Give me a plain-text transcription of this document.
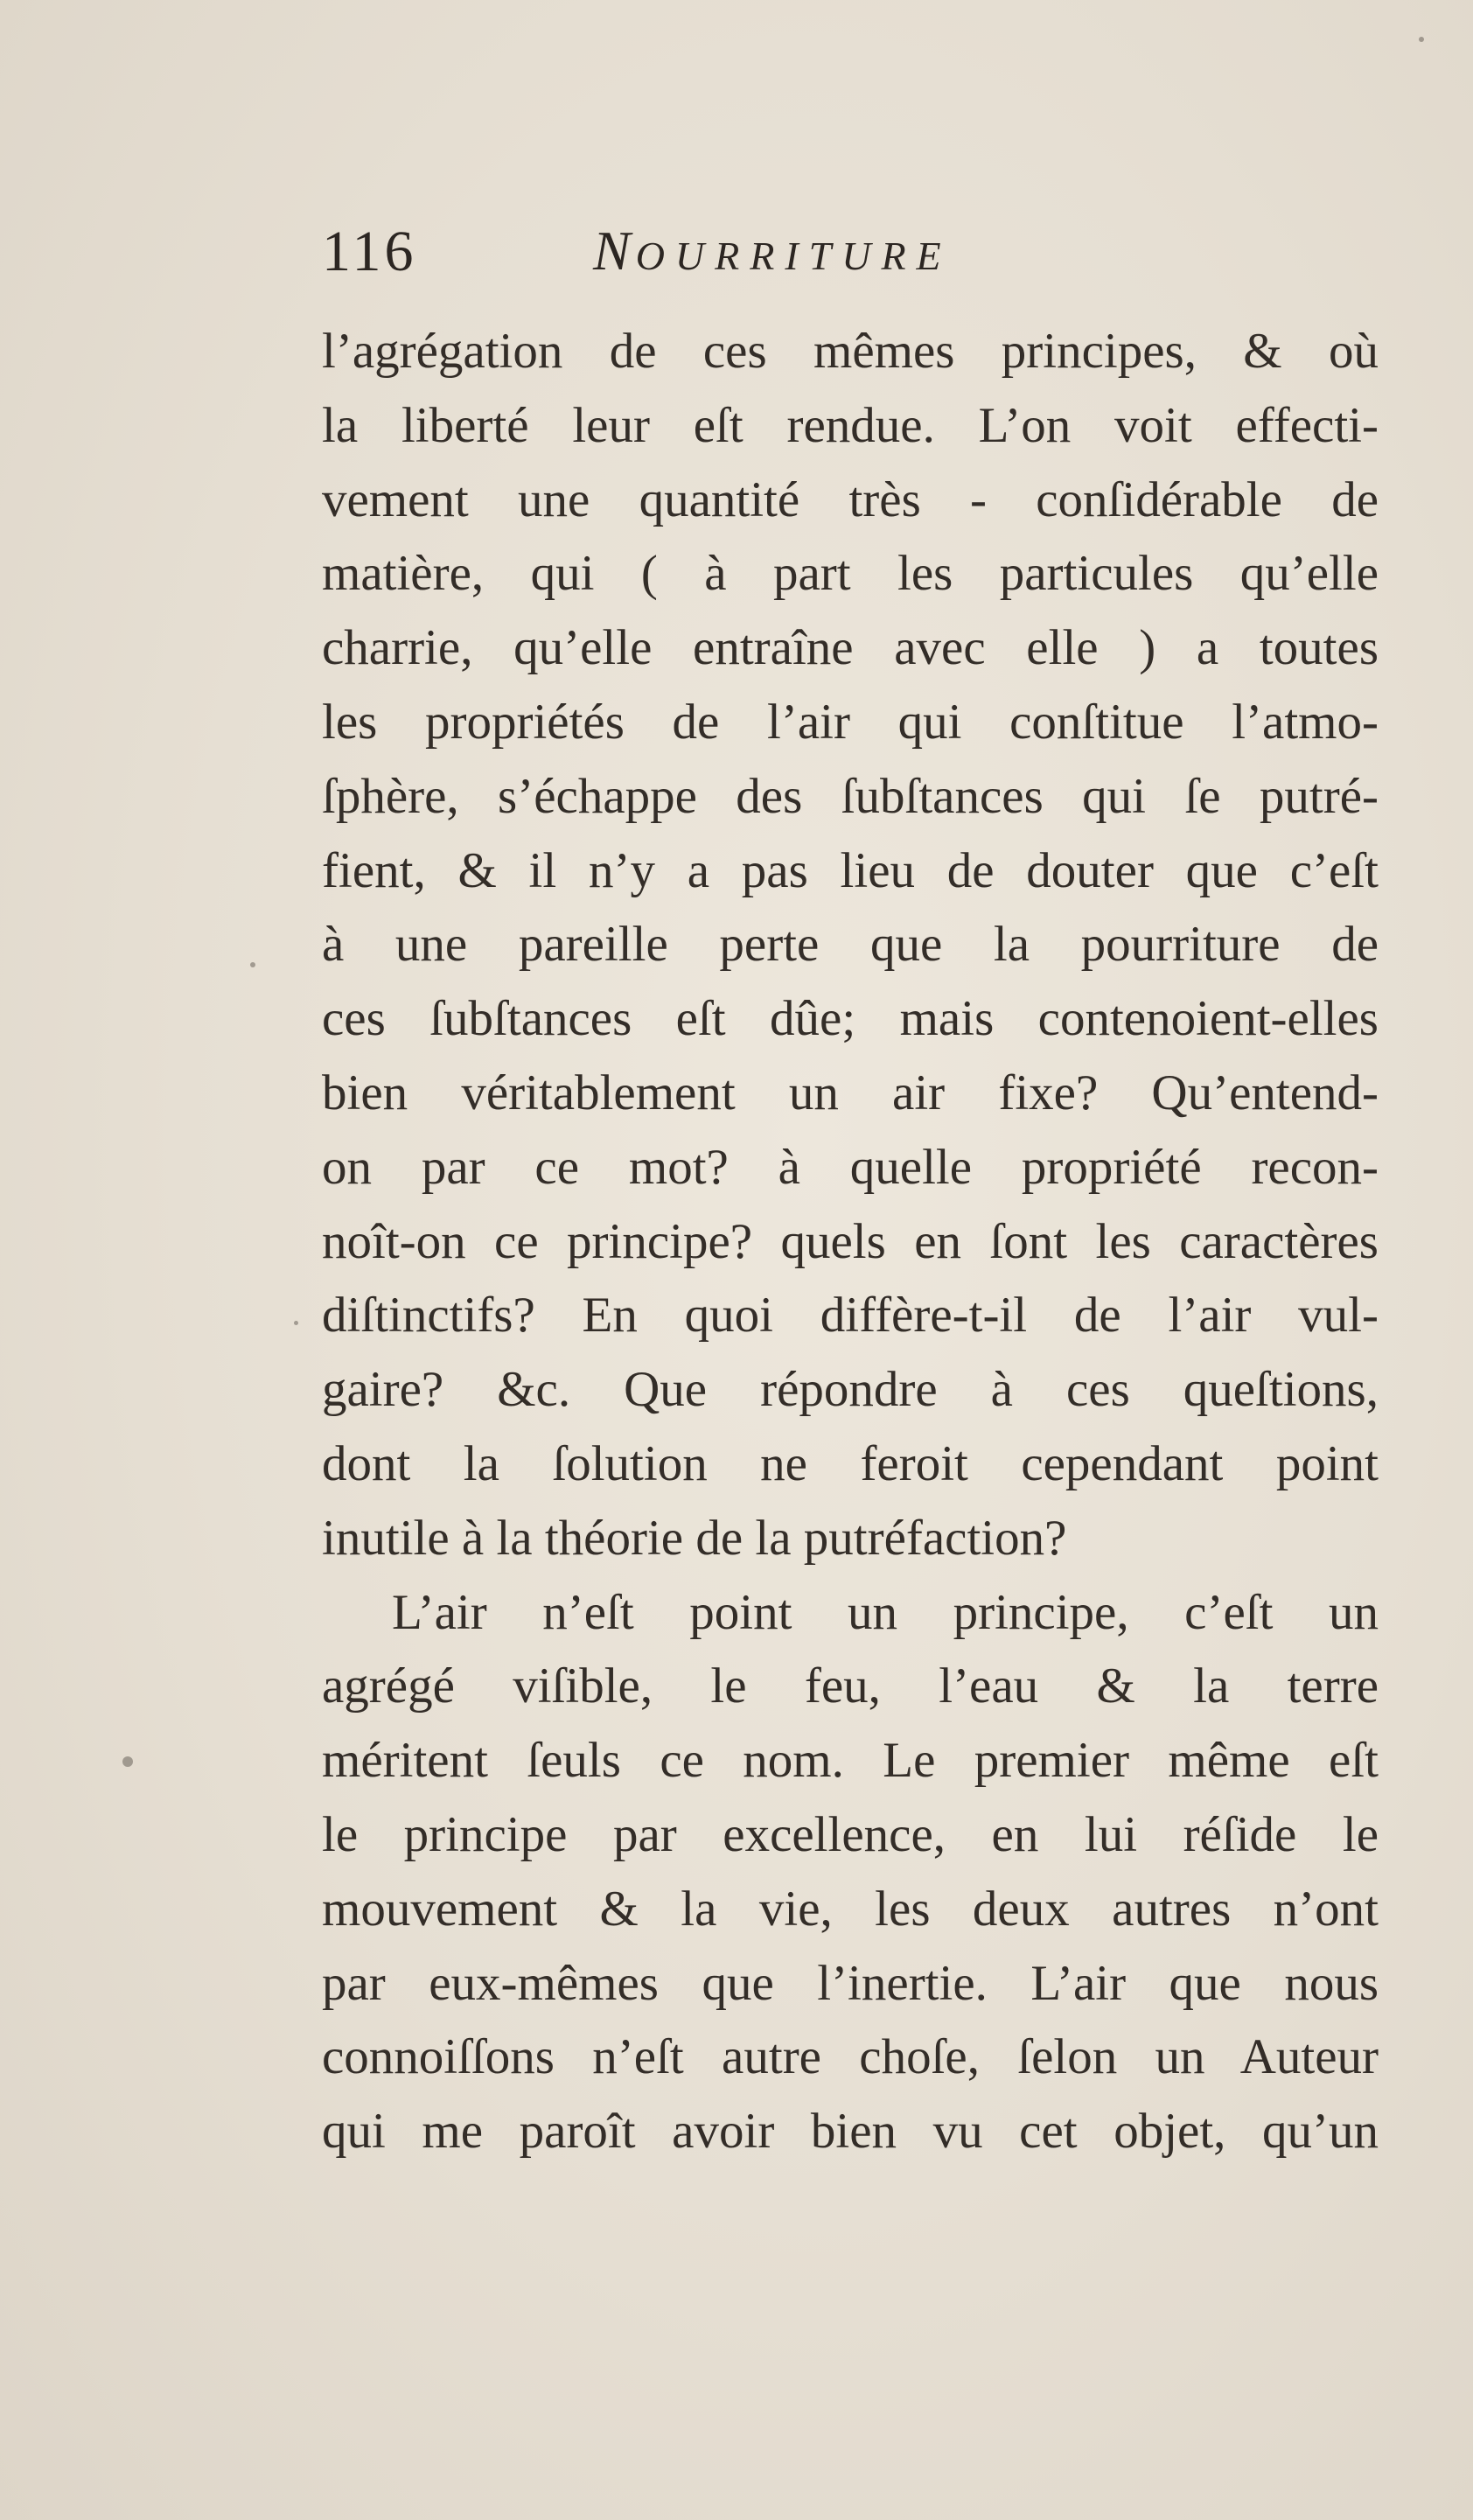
116	NOURRITURE
l’agrégation de ces mêmes principes, & où
la liberté leur eſt rendue. L’on voit effecti-
vement une quantité très - conſidérable de
matière, qui ( à part les particules qu’elle
charrie, qu’elle entraîne avec elle ) a toutes
les propriétés de l’air qui conſtitue l’atmo-
ſphère, s’échappe des ſubſtances qui ſe putré-
fient, & il n’y a pas lieu de douter que c’eſt
à une pareille perte que la pourriture de
ces ſubſtances eſt dûe; mais contenoient-elles
bien véritablement un air fixe? Qu’entend-
on par ce mot? à quelle propriété recon-
noît-on ce principe? quels en ſont les caractères
diſtinctifs? En quoi diffère-t-il de l’air vul-
gaire? &c. Que répondre à ces queſtions,
dont la ſolution ne feroit cependant point
inutile à la théorie de la putréfaction?
L’air n’eſt point un principe, c’eſt un
agrégé viſible, le feu, l’eau & la terre
méritent ſeuls ce nom. Le premier même eſt
le principe par excellence, en lui réſide le
mouvement & la vie, les deux autres n’ont
par eux-mêmes que l’inertie. L’air que nous
connoiſſons n’eſt autre choſe, ſelon un Auteur
qui me paroît avoir bien vu cet objet, qu’un
